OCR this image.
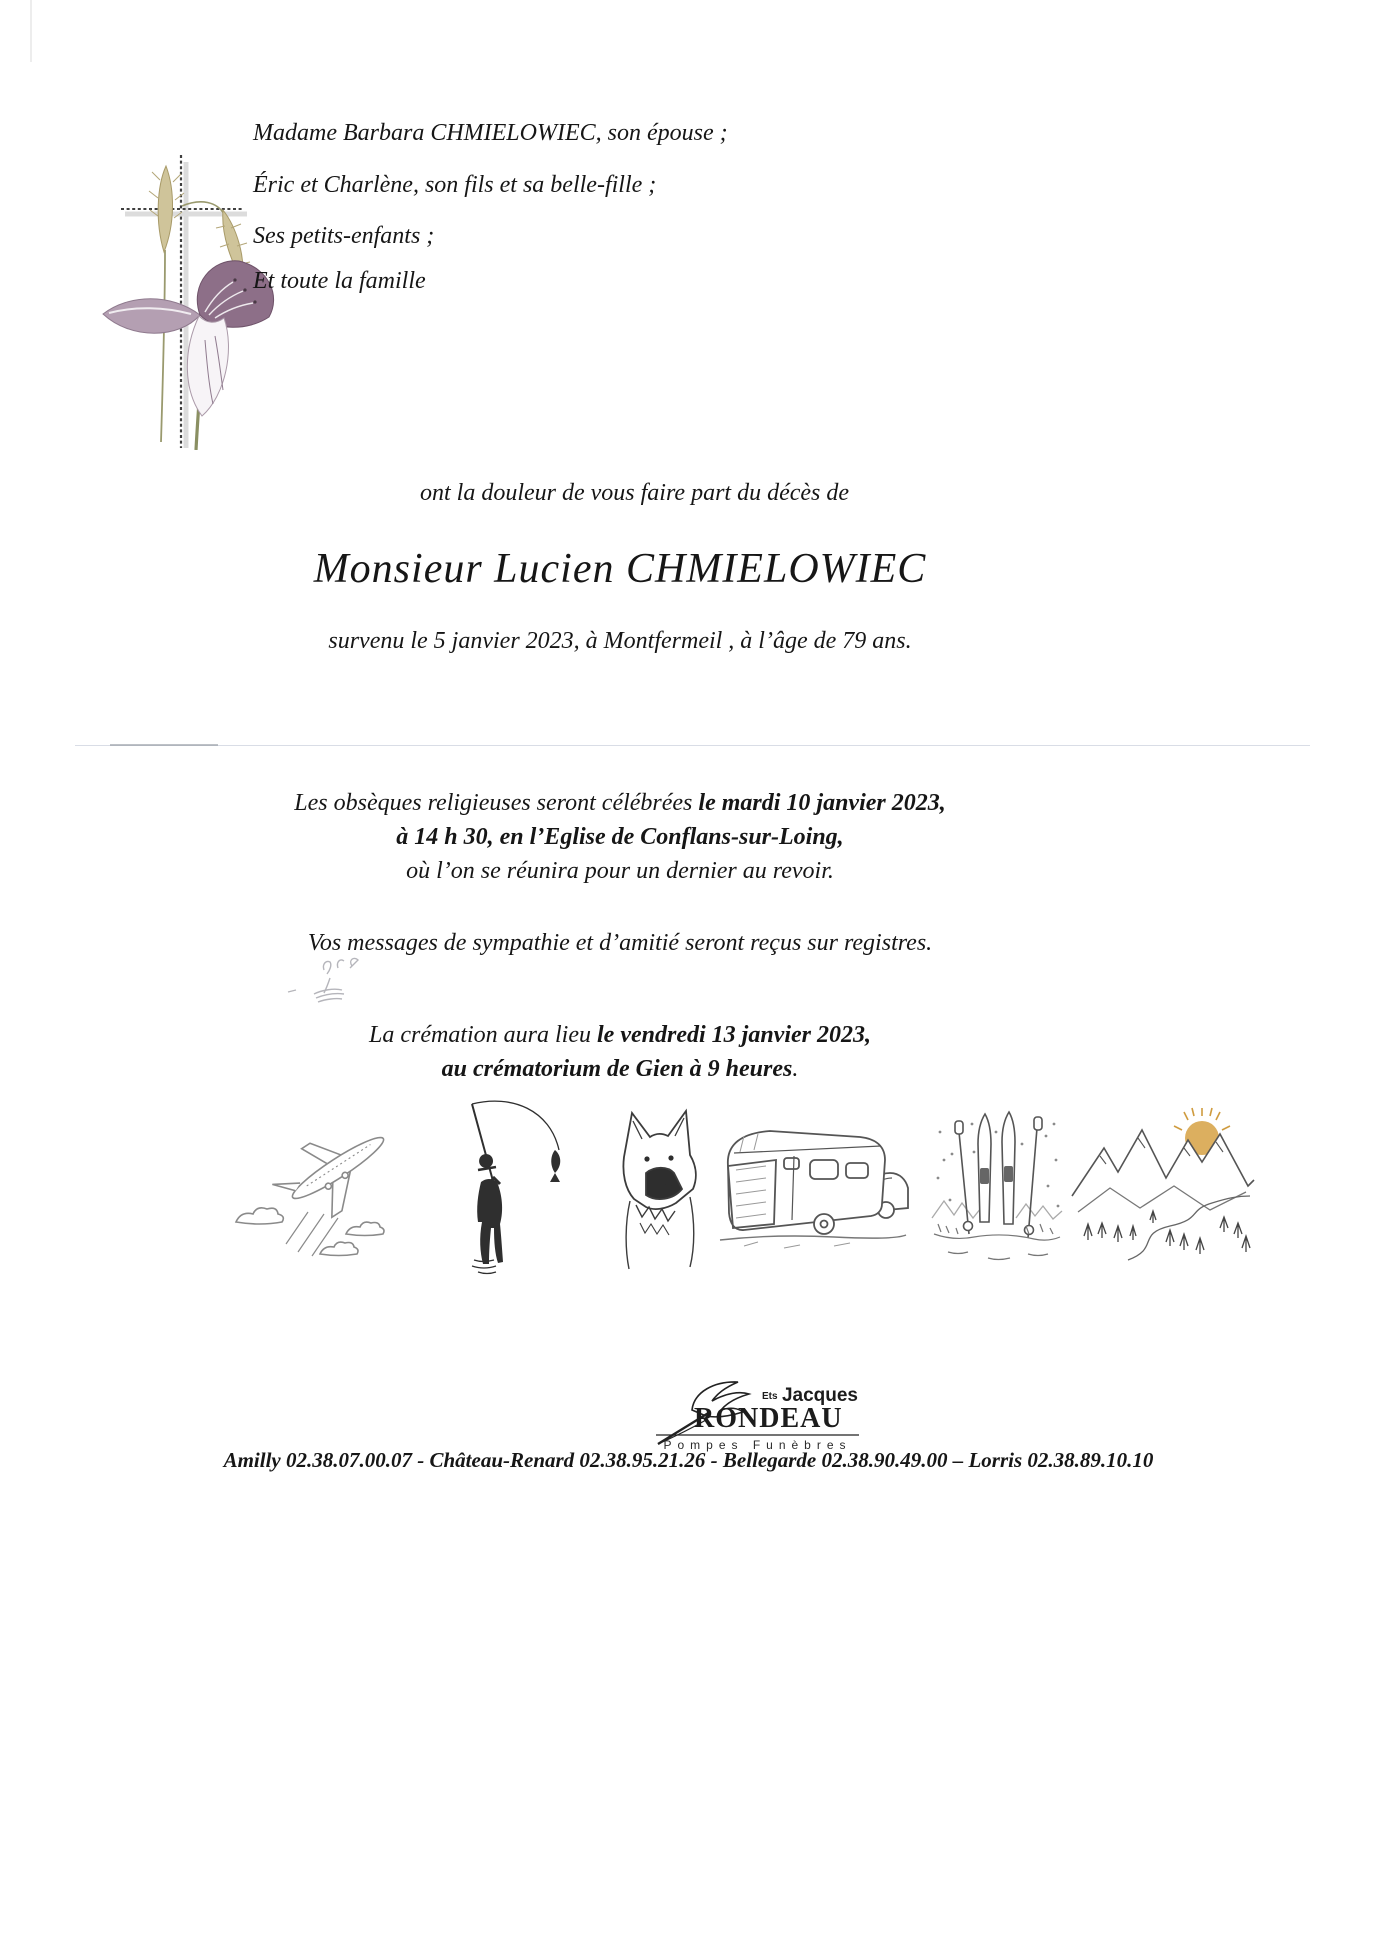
Madame Barbara CHMIELOWIEC, son épouse ;

Éric et Charlène, son fils et sa belle-fille ;

Ses petits-enfants ;

Et toute la famille

ont la douleur de vous faire part du décès de

Monsieur Lucien CHMIELOWIEC

survenu le 5 janvier 2023, à Montfermeil , à l’âge de 79 ans.

Les obsèques religieuses seront célébrées le mardi 10 janvier 2023,

à 14 h 30, en l’Eglise de Conflans-sur-Loing,

où l’on se réunira pour un dernier au revoir.

Vos messages de sympathie et d’amitié seront reçus sur registres.

La crémation aura lieu le vendredi 13 janvier 2023,

au crématorium de Gien à 9 heures.

Ets Jacques
RONDEAU
Pompes Funèbres

Amilly 02.38.07.00.07 - Château-Renard 02.38.95.21.26 - Bellegarde 02.38.90.49.00 – Lorris 02.38.89.10.10
